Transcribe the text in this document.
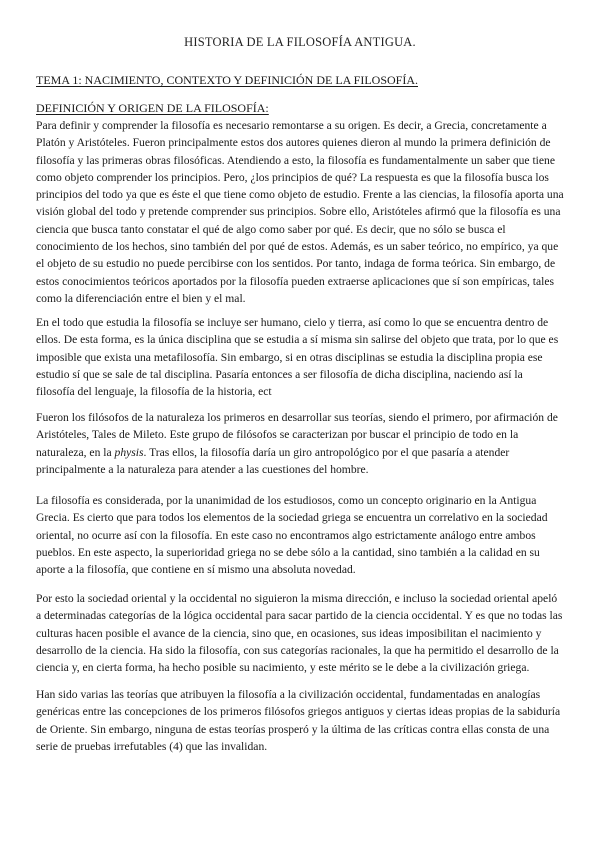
HISTORIA DE LA FILOSOFÍA ANTIGUA.
TEMA 1: NACIMIENTO, CONTEXTO Y DEFINICIÓN DE LA FILOSOFÍA.
DEFINICIÓN Y ORIGEN DE LA FILOSOFÍA:

Para definir y comprender la filosofía es necesario remontarse a su origen. Es decir, a Grecia, concretamente a Platón y Aristóteles. Fueron principalmente estos dos autores quienes dieron al mundo la primera definición de filosofía y las primeras obras filosóficas. Atendiendo a esto, la filosofía es fundamentalmente un saber que tiene como objeto comprender los principios. Pero, ¿los principios de qué? La respuesta es que la filosofía busca los principios del todo ya que es éste el que tiene como objeto de estudio. Frente a las ciencias, la filosofía aporta una visión global del todo y pretende comprender sus principios. Sobre ello, Aristóteles afirmó que la filosofía es una ciencia que busca tanto constatar el qué de algo como saber por qué. Es decir, que no sólo se busca el conocimiento de los hechos, sino también del por qué de estos. Además, es un saber teórico, no empírico, ya que el objeto de su estudio no puede percibirse con los sentidos. Por tanto, indaga de forma teórica. Sin embargo, de estos conocimientos teóricos aportados por la filosofía pueden extraerse aplicaciones que sí son empíricas, tales como la diferenciación entre el bien y el mal.

En el todo que estudia la filosofía se incluye ser humano, cielo y tierra, así como lo que se encuentra dentro de ellos. De esta forma, es la única disciplina que se estudia a sí misma sin salirse del objeto que trata, por lo que es imposible que exista una metafilosofía. Sin embargo, si en otras disciplinas se estudia la disciplina propia ese estudio sí que se sale de tal disciplina. Pasaría entonces a ser filosofía de dicha disciplina, naciendo así la filosofía del lenguaje, la filosofía de la historia, ect

Fueron los filósofos de la naturaleza los primeros en desarrollar sus teorías, siendo el primero, por afirmación de Aristóteles, Tales de Mileto. Este grupo de filósofos se caracterizan por buscar el principio de todo en la naturaleza, en la physis. Tras ellos, la filosofía daría un giro antropológico por el que pasaría a atender principalmente a la naturaleza para atender a las cuestiones del hombre.

La filosofía es considerada, por la unanimidad de los estudiosos, como un concepto originario en la Antigua Grecia. Es cierto que para todos los elementos de la sociedad griega se encuentra un correlativo en la sociedad oriental, no ocurre así con la filosofía. En este caso no encontramos algo estrictamente análogo entre ambos pueblos. En este aspecto, la superioridad griega no se debe sólo a la cantidad, sino también a la calidad en su aporte a la filosofía, que contiene en sí mismo una absoluta novedad.

Por esto la sociedad oriental y la occidental no siguieron la misma dirección, e incluso la sociedad oriental apeló a determinadas categorías de la lógica occidental para sacar partido de la ciencia occidental. Y es que no todas las culturas hacen posible el avance de la ciencia, sino que, en ocasiones, sus ideas imposibilitan el nacimiento y desarrollo de la ciencia. Ha sido la filosofía, con sus categorías racionales, la que ha permitido el desarrollo de la ciencia y, en cierta forma, ha hecho posible su nacimiento, y este mérito se le debe a la civilización griega.

Han sido varias las teorías que atribuyen la filosofía a la civilización occidental, fundamentadas en analogías genéricas entre las concepciones de los primeros filósofos griegos antiguos y ciertas ideas propias de la sabiduría de Oriente. Sin embargo, ninguna de estas teorías prosperó y la última de las críticas contra ellas consta de una serie de pruebas irrefutables (4) que las invalidan.
